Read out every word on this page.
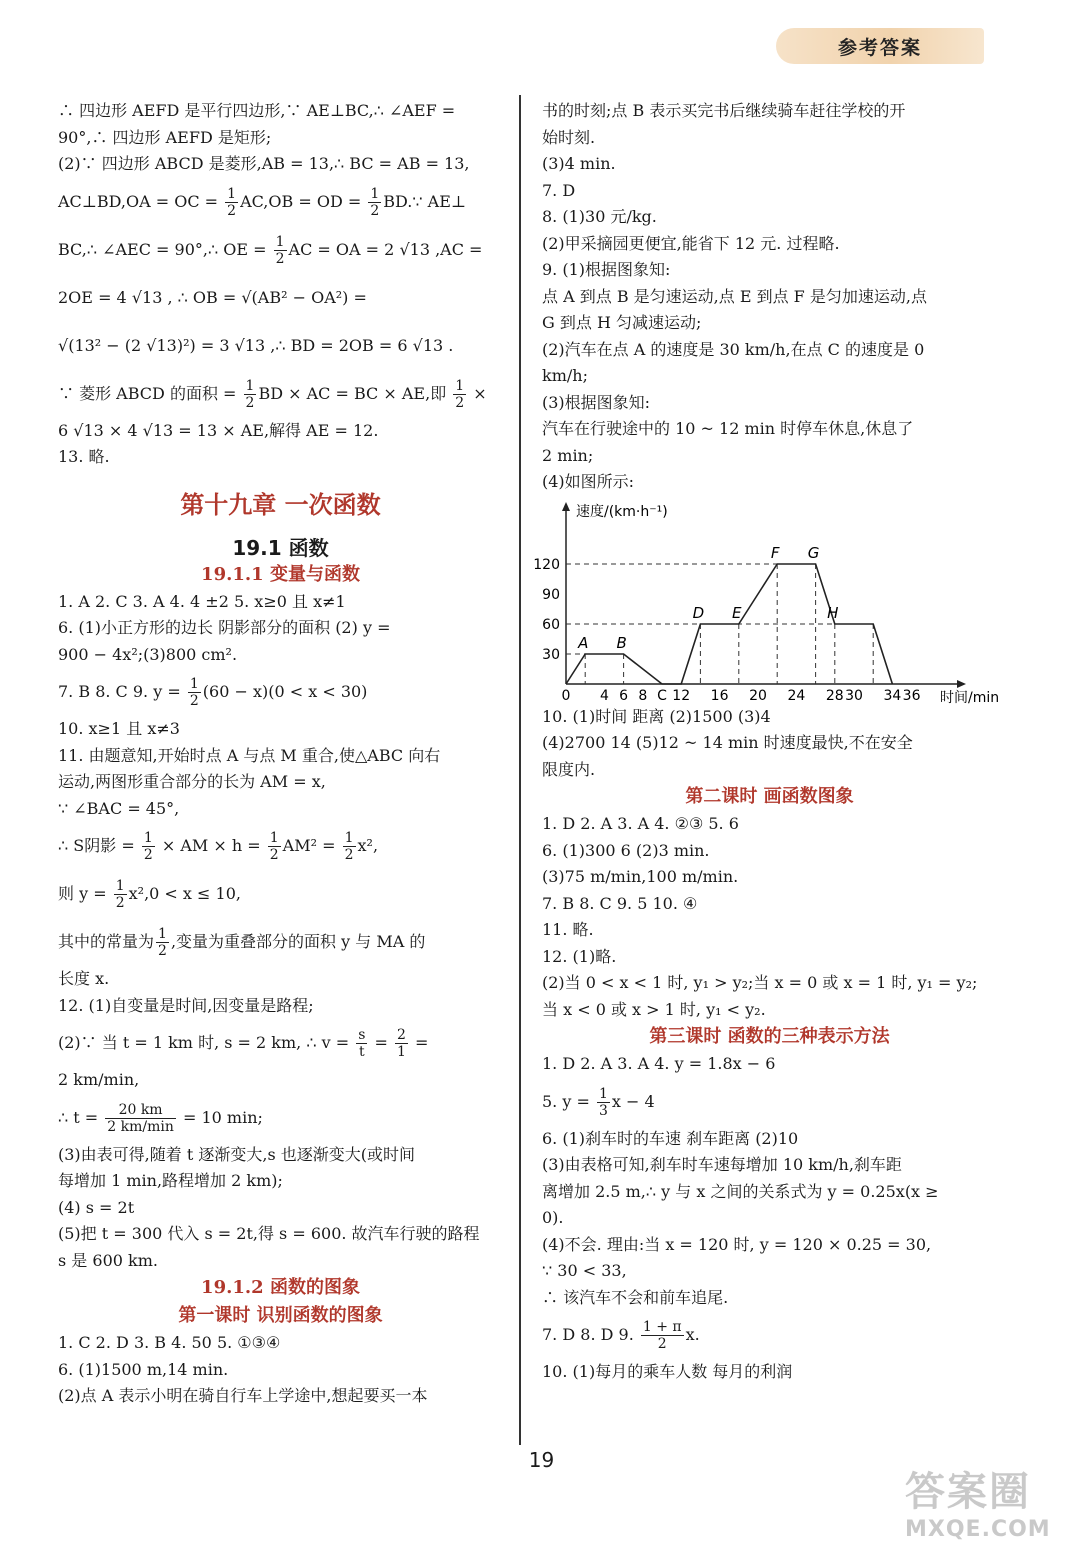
参考答案
∴ 四边形 AEFD 是平行四边形,∵ AE⊥BC,∴ ∠AEF =
90°,∴ 四边形 AEFD 是矩形;
(2)∵ 四边形 ABCD 是菱形,AB = 13,∴ BC = AB = 13,
AC⊥BD,OA = OC = $\frac{1}{2} AC,OB$ = OD = $\frac{1}{2}$ BD.∵ AE⊥
BC,∴ ∠AEC = 90°,∴ OE = $\frac{1}{2}$ AC = OA = 2 √13 ,AC =
2OE = 4 √13 , ∴ OB = √(AB² − OA²) =
√(13² − (2 √13)²) = 3 √13 ,∴ BD = 2OB = 6 √13 .
∵ 菱形 ABCD 的面积 = $\frac{1}{2}$ BD × AC = BC × AE,即 $\frac{1}{2}$ ×
6 √13 × 4 √13 = 13 × AE,解得 AE = 12.
13. 略.
第十九章 一次函数
19.1 函数
19.1.1 变量与函数
1. A 2. C 3. A 4. 4 ±2 5. x≥0 且 x≠1
6. (1)小正方形的边长 阴影部分的面积 (2) y =
900 − 4x²;(3)800 cm².
7. B 8. C 9. $y = \frac{1}{2} (60 - x)(0 < x < 30)$
10. x≥1 且 x≠3
11. 由题意知,开始时点 A 与点 M 重合,使△ABC 向右
运动,两图形重合部分的长为 AM = x,
∵ ∠BAC = 45°,
∴ S阴影 = $\frac{1}{2}$ × AM × $h = \frac{1}{2} AM^2 = \frac{1}{2} x^2$,
则 $y = \frac{1}{2} x^2,0 < x \le 10$,
其中的常量为 $\frac{1}{2}$ ,变量为重叠部分的面积 y 与 MA 的
长度 x.
12. (1)自变量是时间,因变量是路程;
(2)∵ 当 t = 1 km 时, s = 2 km, ∴ $v = \frac{s}{t} = \frac{2}{1}$ =
2 km/min,
∴ $t = \frac{20 km}{2 km/\min} = 10$ min;
(3)由表可得,随着 t 逐渐变大,s 也逐渐变大(或时间
每增加 1 min,路程增加 2 km);
(4) s = 2t
(5)把 t = 300 代入 s = 2t,得 s = 600. 故汽车行驶的路程
s 是 600 km.
19.1.2 函数的图象
第一课时 识别函数的图象
1. C 2. D 3. B 4. 50 5. ①③④
6. (1)1500 m,14 min.
(2)点 A 表示小明在骑自行车上学途中,想起要买一本
书的时刻;点 B 表示买完书后继续骑车赶往学校的开
始时刻.
(3)4 min.
7. D
8. (1)30 元/kg.
(2)甲采摘园更便宜,能省下 12 元. 过程略.
9. (1)根据图象知:
点 A 到点 B 是匀速运动,点 E 到点 F 是匀加速运动,点
G 到点 H 匀减速运动;
(2)汽车在点 A 的速度是 30 km/h,在点 C 的速度是 0
km/h;
(3)根据图象知:
汽车在行驶途中的 10 ~ 12 min 时停车休息,休息了
2 min;
(4)如图所示:
速度/(km·h⁻¹)
时间/min
30
60
90
120
0 4 6 8 C 12 16 20 24 28 30 34 36
A B
D E
F G
H
10. (1)时间 距离 (2)1500 (3)4
(4)2700 14 (5)12 ~ 14 min 时速度最快,不在安全
限度内.
第二课时 画函数图象
1. D 2. A 3. A 4. ②③ 5. 6
6. (1)300 6 (2)3 min.
(3)75 m/min,100 m/min.
7. B 8. C 9. 5 10. ④
11. 略.
12. (1)略.
(2)当 0 < x < 1 时, y₁ > y₂;当 x = 0 或 x = 1 时, y₁ = y₂;
当 x < 0 或 x > 1 时, y₁ < y₂.
第三课时 函数的三种表示方法
1. D 2. A 3. A 4. y = 1.8x − 6
5. $y = \frac{1}{3}$ x − 4
6. (1)刹车时的车速 刹车距离 (2)10
(3)由表格可知,刹车时车速每增加 10 km/h,刹车距
离增加 2.5 m,∴ y 与 x 之间的关系式为 y = 0.25x(x ≥
0).
(4)不会. 理由:当 x = 120 时, y = 120 × 0.25 = 30,
∵ 30 < 33,
∴ 该汽车不会和前车追尾.
7. D 8. D 9. $\frac{1 + \pi}{2} x$.
10. (1)每月的乘车人数 每月的利润
19
答案圈
MXQE.COM
